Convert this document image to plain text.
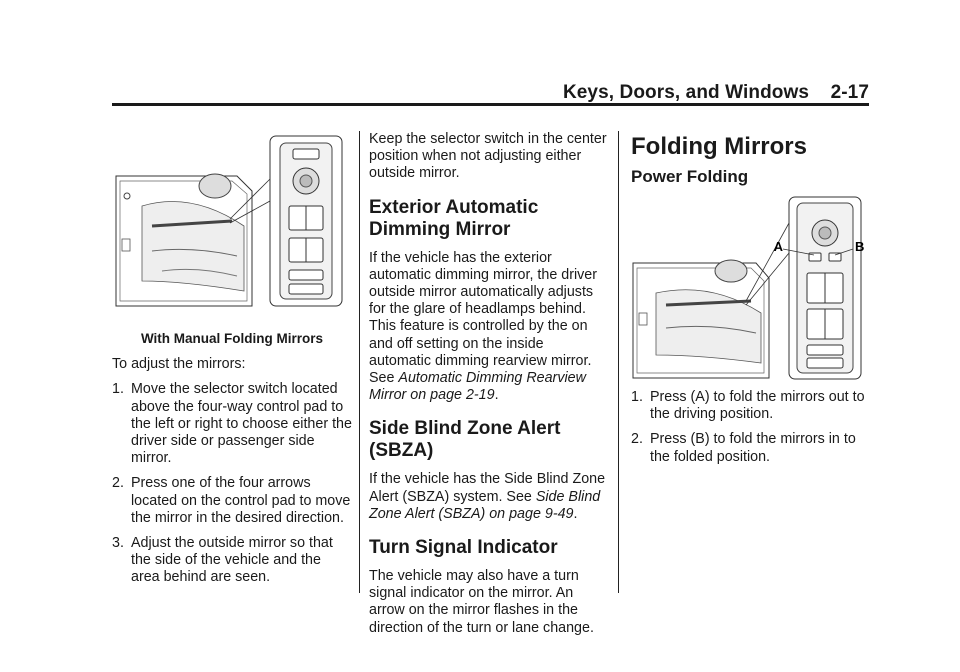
Keys, Doors, and Windows 2-17
With Manual Folding Mirrors

To adjust the mirrors:

1. Move the selector switch located above the four-way control pad to the left or right to choose either the driver side or passenger side mirror.
2. Press one of the four arrows located on the control pad to move the mirror in the desired direction.
3. Adjust the outside mirror so that the side of the vehicle and the area behind are seen.

Keep the selector switch in the center position when not adjusting either outside mirror.

Exterior Automatic Dimming Mirror

If the vehicle has the exterior automatic dimming mirror, the driver outside mirror automatically adjusts for the glare of headlamps behind. This feature is controlled by the on and off setting on the inside automatic dimming rearview mirror. See Automatic Dimming Rearview Mirror on page 2-19.

Side Blind Zone Alert (SBZA)

If the vehicle has the Side Blind Zone Alert (SBZA) system. See Side Blind Zone Alert (SBZA) on page 9-49.

Turn Signal Indicator

The vehicle may also have a turn signal indicator on the mirror. An arrow on the mirror flashes in the direction of the turn or lane change.

Folding Mirrors
Power Folding
A	B
1. Press (A) to fold the mirrors out to the driving position.
2. Press (B) to fold the mirrors in to the folded position.
